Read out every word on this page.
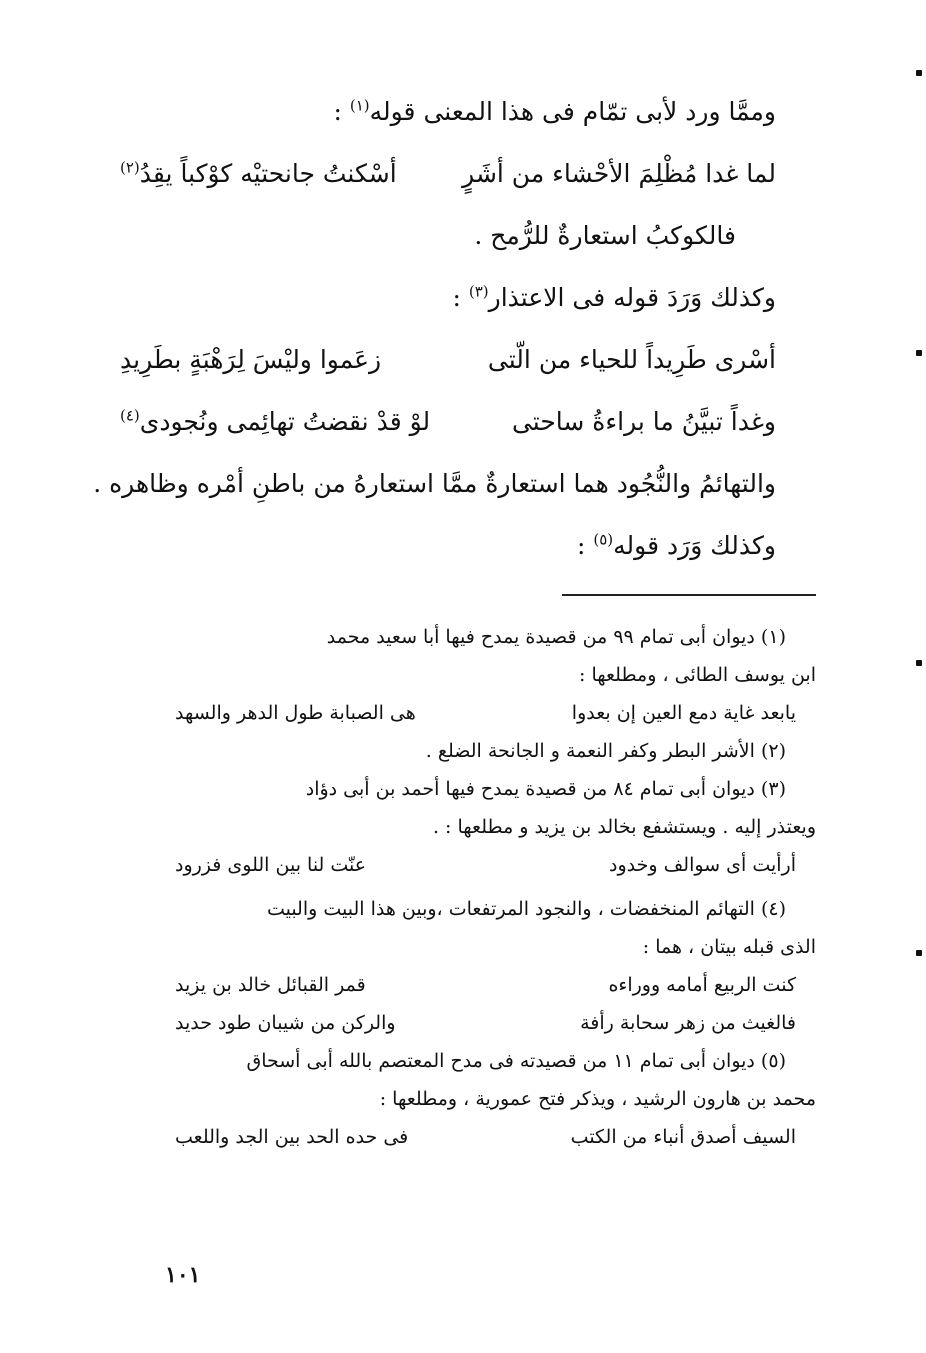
وممَّا ورد لأبى تمّام فى هذا المعنى قوله$^{(١)}$ :
لما غدا مُظْلِمَ الأحْشاء من أشَرٍ
أسْكنتُ جانحتيْه كوْكباً يقِدُ$^{(٢)}$
فالكوكبُ استعارةٌ للرُّمح .
وكذلك وَرَدَ قوله فى الاعتذار$^{(٣)}$ :
أسْرى طَرِيداً للحياء من الّتى
زعَموا وليْسَ لِرَهْبَةٍ بطَرِيدِ
وغداً تبيَّنُ ما براءةُ ساحتى
لوْ قدْ نقضتُ تهائِمى ونُجودى$^{(٤)}$
والتهائمُ والنُّجُود هما استعارةٌ ممَّا استعارهُ من باطنِ أمْره وظاهره .
وكذلك وَرَد قوله$^{(٥)}$ :
(١) ديوان أبى تمام ٩٩ من قصيدة يمدح فيها أبا سعيد محمد
ابن يوسف الطائى ، ومطلعها :
يابعد غاية دمع العين إن بعدوا
هى الصبابة طول الدهر والسهد
(٢) الأشر البطر وكفر النعمة و الجانحة الضلع .
(٣) ديوان أبى تمام ٨٤ من قصيدة يمدح فيها أحمد بن أبى دؤاد
ويعتذر إليه . ويستشفع بخالد بن يزيد و مطلعها : .
أرأيت أى سوالف وخدود
عنّت لنا بين اللوى فزرود
(٤) التهائم المنخفضات ، والنجود المرتفعات ،وبين هذا البيت والبيت
الذى قبله بيتان ، هما :
كنت الربيع أمامه ووراءه
قمر القبائل خالد بن يزيد
فالغيث من زهر سحابة رأفة
والركن من شيبان طود حديد
(٥) ديوان أبى تمام ١١ من قصيدته فى مدح المعتصم بالله أبى أسحاق
محمد بن هارون الرشيد ، ويذكر فتح عمورية ، ومطلعها :
السيف أصدق أنباء من الكتب
فى حده الحد بين الجد واللعب
١٠١
